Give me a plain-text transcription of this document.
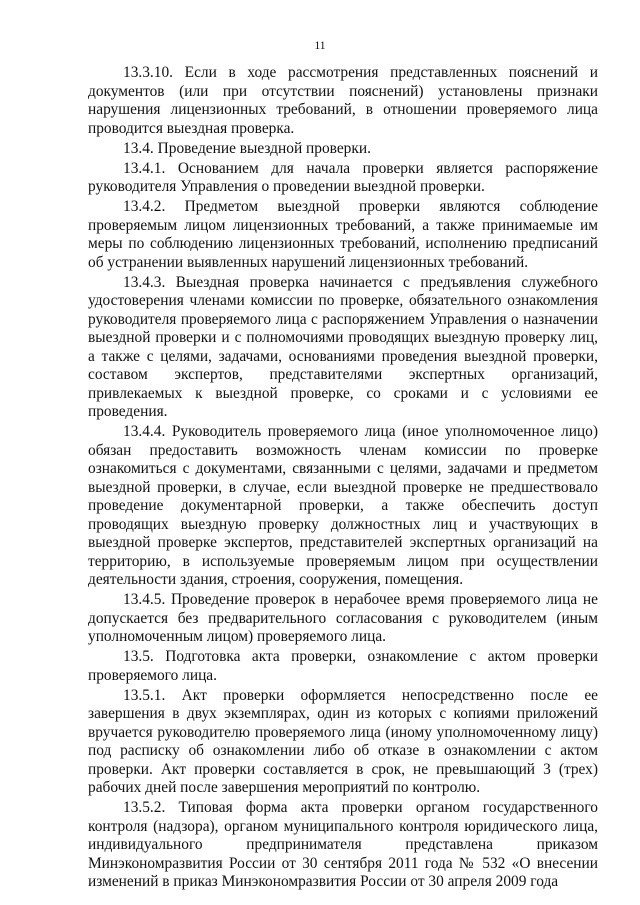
11

13.3.10. Если в ходе рассмотрения представленных пояснений и документов (или при отсутствии пояснений) установлены признаки нарушения лицензионных требований, в отношении проверяемого лица проводится выездная проверка.

13.4. Проведение выездной проверки.

13.4.1. Основанием для начала проверки является распоряжение руководителя Управления о проведении выездной проверки.

13.4.2. Предметом выездной проверки являются соблюдение проверяемым лицом лицензионных требований, а также принимаемые им меры по соблюдению лицензионных требований, исполнению предписаний об устранении выявленных нарушений лицензионных требований.

13.4.3. Выездная проверка начинается с предъявления служебного удостоверения членами комиссии по проверке, обязательного ознакомления руководителя проверяемого лица с распоряжением Управления о назначении выездной проверки и с полномочиями проводящих выездную проверку лиц, а также с целями, задачами, основаниями проведения выездной проверки, составом экспертов, представителями экспертных организаций, привлекаемых к выездной проверке, со сроками и с условиями ее проведения.

13.4.4. Руководитель проверяемого лица (иное уполномоченное лицо) обязан предоставить возможность членам комиссии по проверке ознакомиться с документами, связанными с целями, задачами и предметом выездной проверки, в случае, если выездной проверке не предшествовало проведение документарной проверки, а также обеспечить доступ проводящих выездную проверку должностных лиц и участвующих в выездной проверке экспертов, представителей экспертных организаций на территорию, в используемые проверяемым лицом при осуществлении деятельности здания, строения, сооружения, помещения.

13.4.5. Проведение проверок в нерабочее время проверяемого лица не допускается без предварительного согласования с руководителем (иным уполномоченным лицом) проверяемого лица.

13.5. Подготовка акта проверки, ознакомление с актом проверки проверяемого лица.

13.5.1. Акт проверки оформляется непосредственно после ее завершения в двух экземплярах, один из которых с копиями приложений вручается руководителю проверяемого лица (иному уполномоченному лицу) под расписку об ознакомлении либо об отказе в ознакомлении с актом проверки. Акт проверки составляется в срок, не превышающий 3 (трех) рабочих дней после завершения мероприятий по контролю.

13.5.2. Типовая форма акта проверки органом государственного контроля (надзора), органом муниципального контроля юридического лица, индивидуального предпринимателя представлена приказом Минэкономразвития России от 30 сентября 2011 года № 532 «О внесении изменений в приказ Минэкономразвития России от 30 апреля 2009 года
